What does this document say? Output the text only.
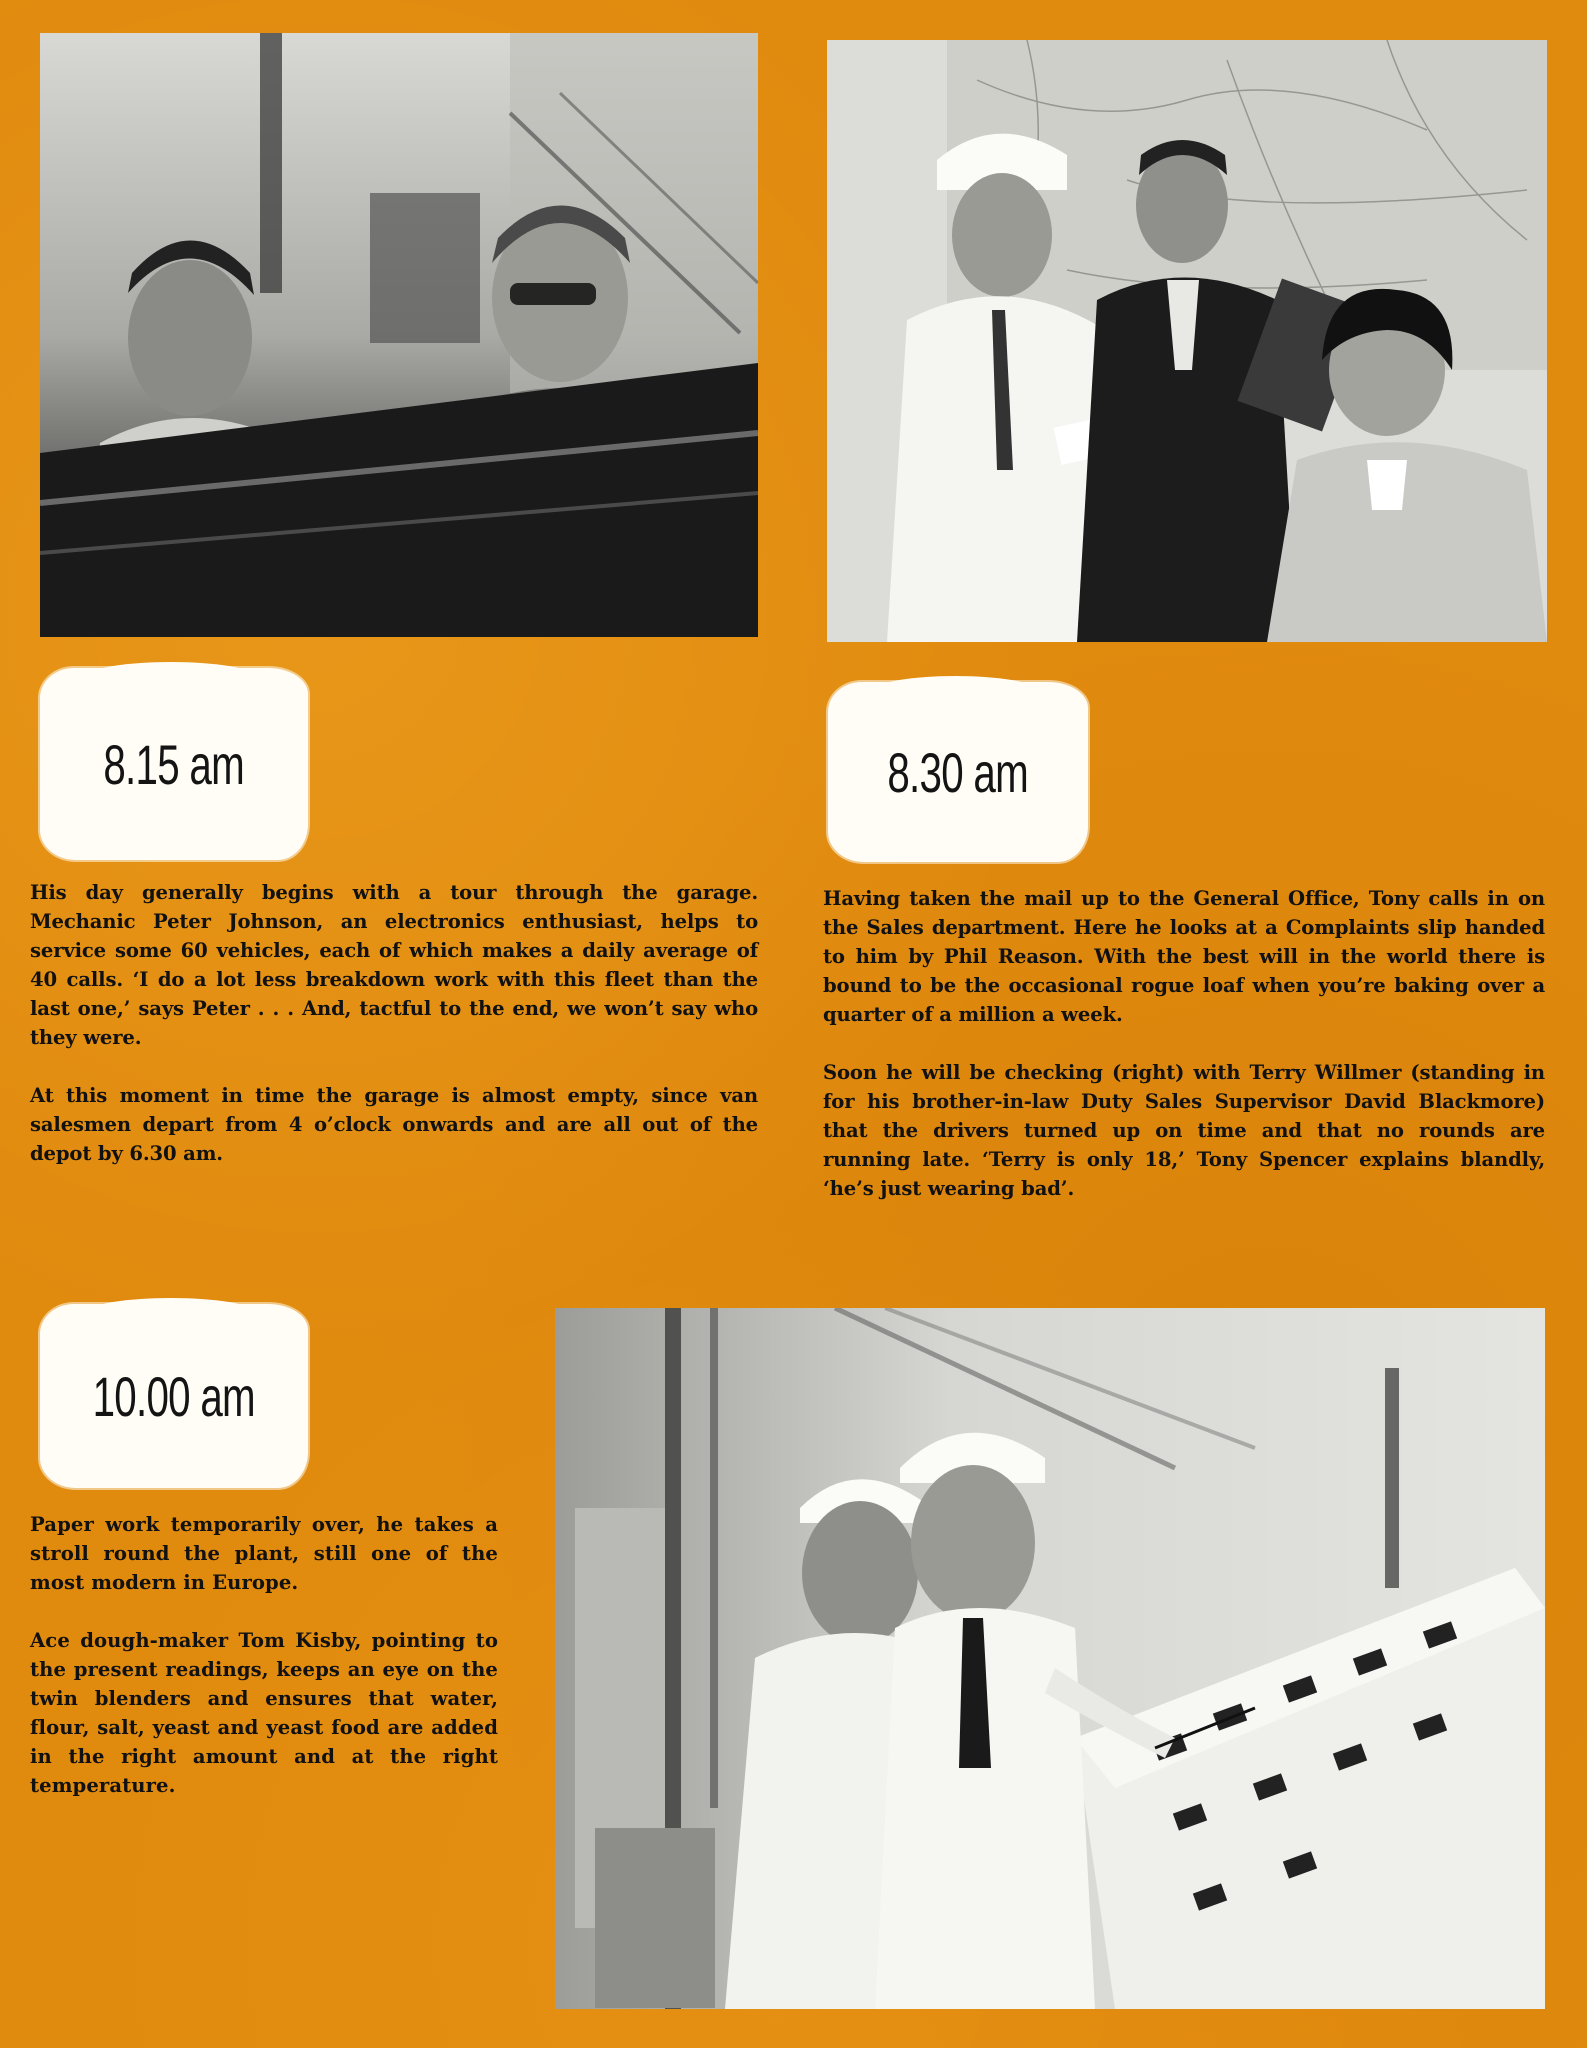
8.15 am	8.30 am

His day generally begins with a tour through the garage. Mechanic Peter Johnson, an electronics enthusiast, helps to service some 60 vehicles, each of which makes a daily average of 40 calls. ‘I do a lot less breakdown work with this fleet than the last one,’ says Peter . . . And, tactful to the end, we won’t say who they were.

At this moment in time the garage is almost empty, since van salesmen depart from 4 o’clock onwards and are all out of the depot by 6.30 am.

Having taken the mail up to the General Office, Tony calls in on the Sales department. Here he looks at a Complaints slip handed to him by Phil Reason. With the best will in the world there is bound to be the occasional rogue loaf when you’re baking over a quarter of a million a week.

Soon he will be checking (right) with Terry Willmer (standing in for his brother-in-law Duty Sales Supervisor David Blackmore) that the drivers turned up on time and that no rounds are running late. ‘Terry is only 18,’ Tony Spencer explains blandly, ‘he’s just wearing bad’.

10.00 am

Paper work temporarily over, he takes a stroll round the plant, still one of the most modern in Europe.

Ace dough-maker Tom Kisby, pointing to the present readings, keeps an eye on the twin blenders and ensures that water, flour, salt, yeast and yeast food are added in the right amount and at the right temperature.
